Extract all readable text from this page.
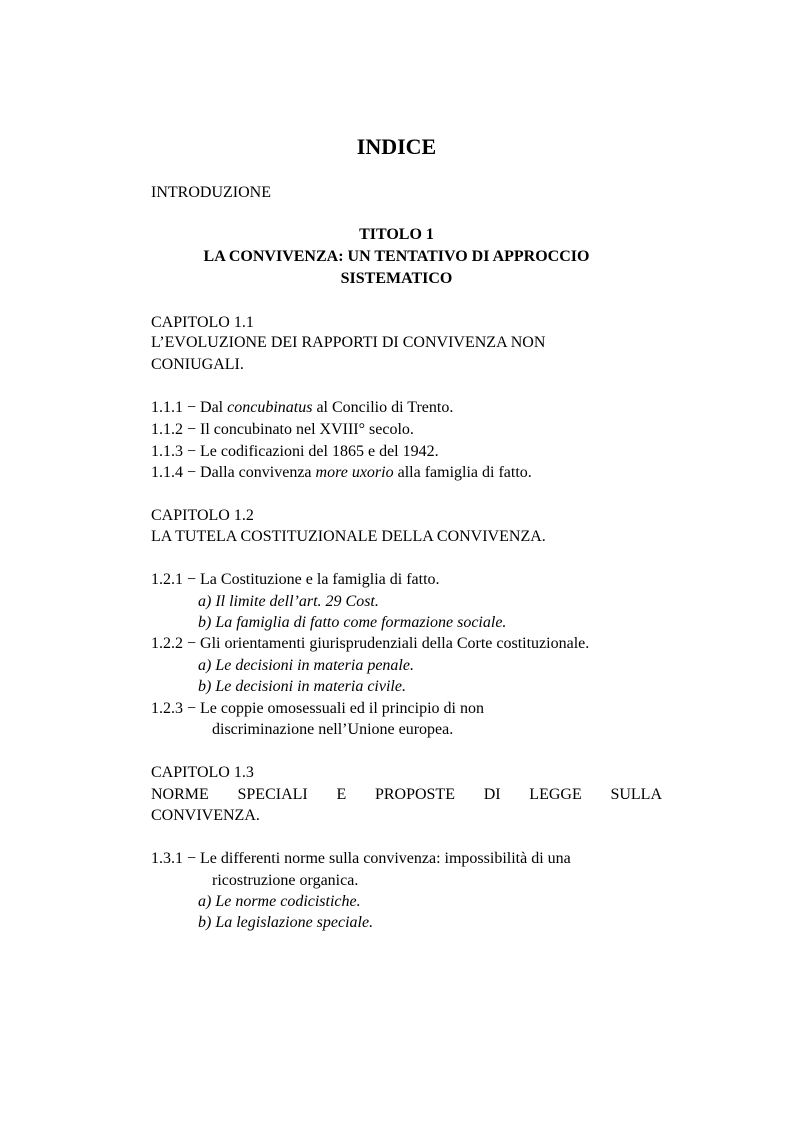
INDICE
INTRODUZIONE
TITOLO 1
LA CONVIVENZA: UN TENTATIVO DI APPROCCIO
SISTEMATICO
CAPITOLO 1.1
L’EVOLUZIONE DEI RAPPORTI DI CONVIVENZA NON
CONIUGALI.
1.1.1 − Dal concubinatus al Concilio di Trento.
1.1.2 − Il concubinato nel XVIII° secolo.
1.1.3 − Le codificazioni del 1865 e del 1942.
1.1.4 − Dalla convivenza more uxorio alla famiglia di fatto.
CAPITOLO 1.2
LA TUTELA COSTITUZIONALE DELLA CONVIVENZA.
1.2.1 − La Costituzione e la famiglia di fatto.
a) Il limite dell’art. 29 Cost.
b) La famiglia di fatto come formazione sociale.
1.2.2 − Gli orientamenti giurisprudenziali della Corte costituzionale.
a) Le decisioni in materia penale.
b) Le decisioni in materia civile.
1.2.3 − Le coppie omosessuali ed il principio di non
discriminazione nell’Unione europea.
CAPITOLO 1.3
NORME SPECIALI E PROPOSTE DI LEGGE SULLA
CONVIVENZA.
1.3.1 − Le differenti norme sulla convivenza: impossibilità di una
ricostruzione organica.
a) Le norme codicistiche.
b) La legislazione speciale.
